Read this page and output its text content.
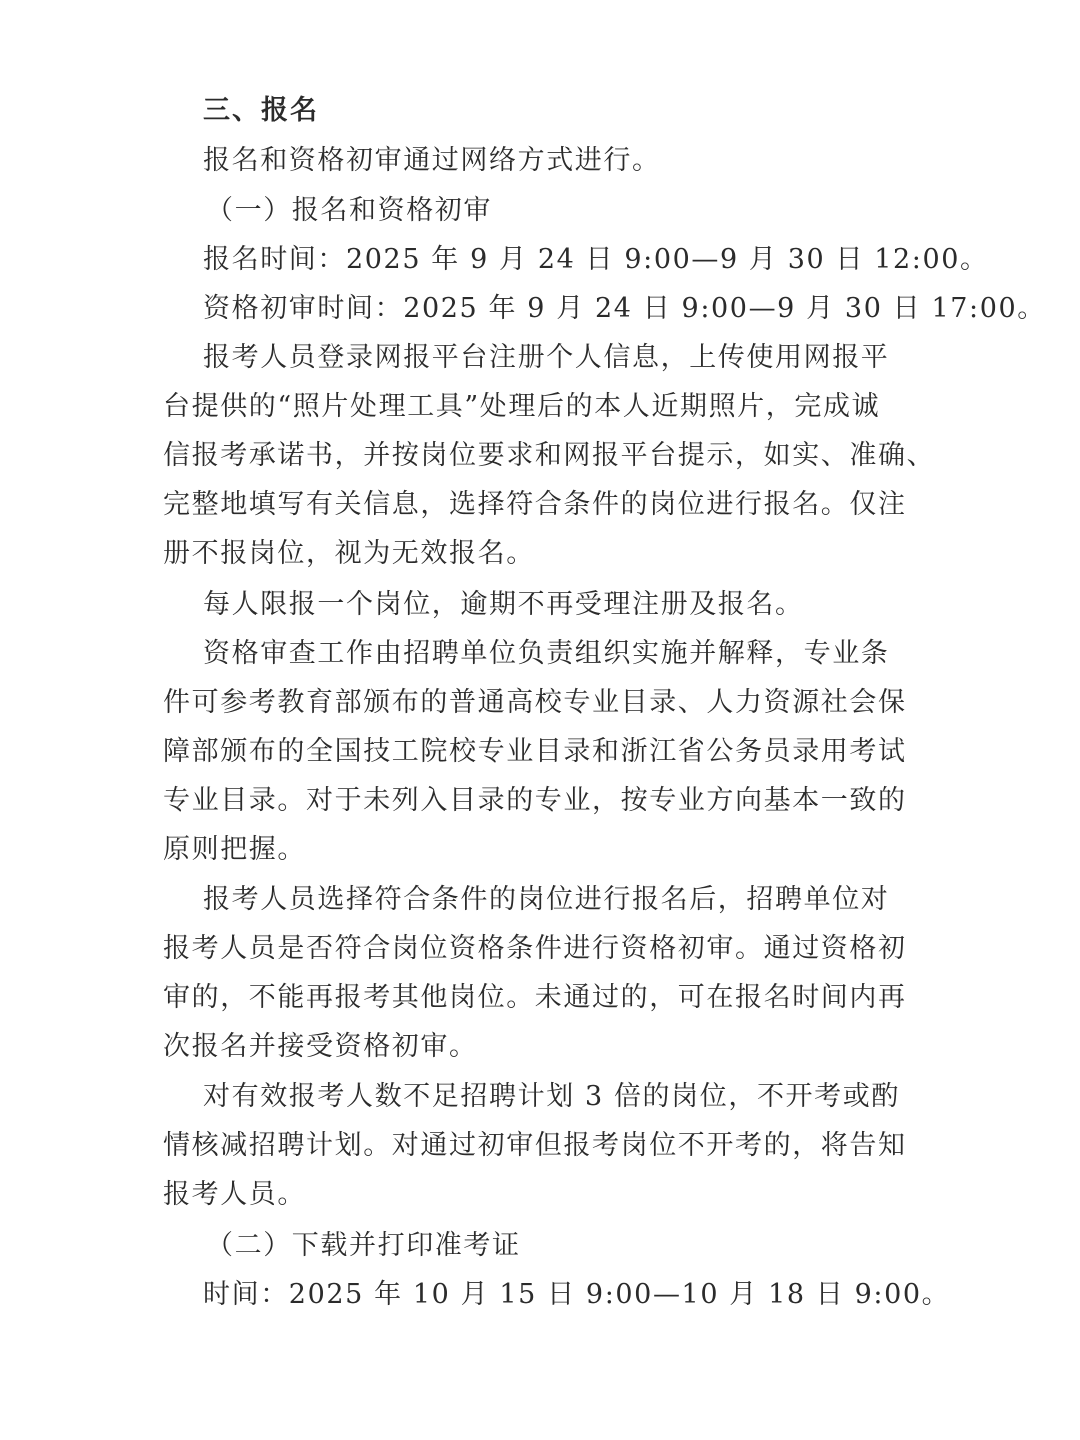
三、报名
报名和资格初审通过网络方式进行。
（一）报名和资格初审
报名时间：2025 年 9 月 24 日 9:00—9 月 30 日 12:00。
资格初审时间：2025 年 9 月 24 日 9:00—9 月 30 日 17:00。
报考人员登录网报平台注册个人信息，上传使用网报平
台提供的“照片处理工具”处理后的本人近期照片，完成诚
信报考承诺书，并按岗位要求和网报平台提示，如实、准确、
完整地填写有关信息，选择符合条件的岗位进行报名。仅注
册不报岗位，视为无效报名。
每人限报一个岗位，逾期不再受理注册及报名。
资格审查工作由招聘单位负责组织实施并解释，专业条
件可参考教育部颁布的普通高校专业目录、人力资源社会保
障部颁布的全国技工院校专业目录和浙江省公务员录用考试
专业目录。对于未列入目录的专业，按专业方向基本一致的
原则把握。
报考人员选择符合条件的岗位进行报名后，招聘单位对
报考人员是否符合岗位资格条件进行资格初审。通过资格初
审的，不能再报考其他岗位。未通过的，可在报名时间内再
次报名并接受资格初审。
对有效报考人数不足招聘计划 3 倍的岗位，不开考或酌
情核减招聘计划。对通过初审但报考岗位不开考的，将告知
报考人员。
（二）下载并打印准考证
时间：2025 年 10 月 15 日 9:00—10 月 18 日 9:00。
